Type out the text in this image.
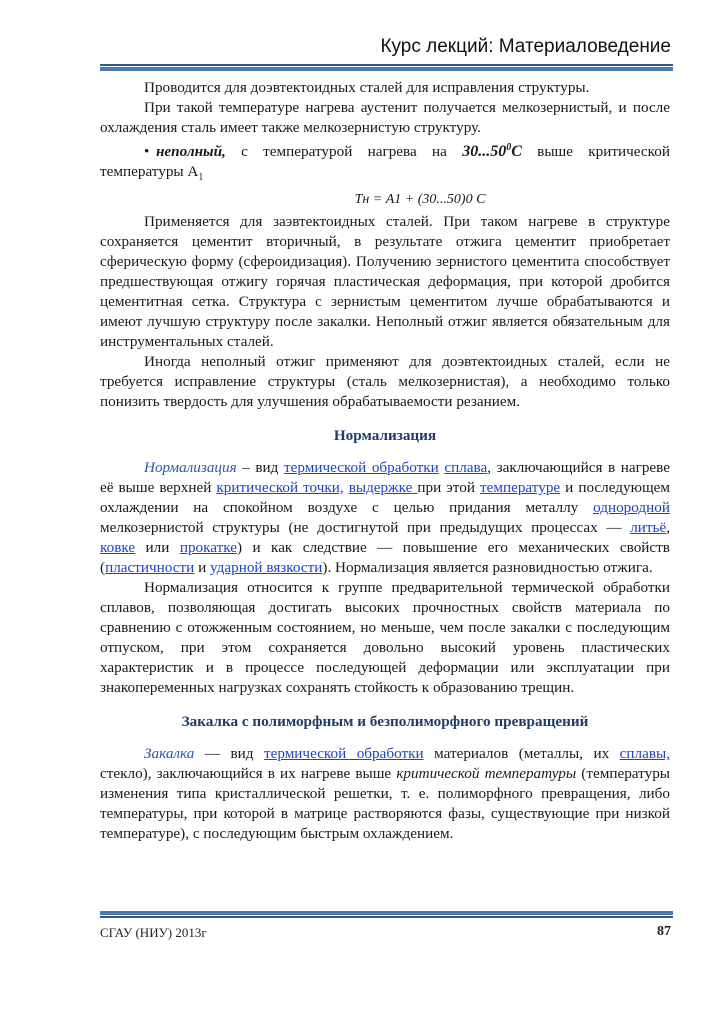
Курс лекций: Материаловедение

Проводится для доэвтектоидных сталей для исправления структуры.

При такой температуре нагрева аустенит получается мелкозернистый, и после охлаждения сталь имеет также мелкозернистую структуру.

• неполный, с температурой нагрева на 30...50$^0$С выше критической температуры $А_1$

Tн = A1 + (30...50)0 C

Применяется для заэвтектоидных сталей. При таком нагреве в структуре сохраняется цементит вторичный, в результате отжига цементит приобретает сферическую форму (сфероидизация). Получению зернистого цементита способствует предшествующая отжигу горячая пластическая деформация, при которой дробится цементитная сетка. Структура с зернистым цементитом лучше обрабатываются и имеют лучшую структуру после закалки. Неполный отжиг является обязательным для инструментальных сталей.

Иногда неполный отжиг применяют для доэвтектоидных сталей, если не требуется исправление структуры (сталь мелкозернистая), а необходимо только понизить твердость для улучшения обрабатываемости резанием.

Нормализация

Нормализация – вид термической обработки сплава, заключающийся в нагреве её выше верхней критической точки, выдержке при этой температуре и последующем охлаждении на спокойном воздухе с целью придания металлу однородной мелкозернистой структуры (не достигнутой при предыдущих процессах — литьё, ковке или прокатке) и как следствие — повышение его механических свойств (пластичности и ударной вязкости). Нормализация является разновидностью отжига.

Нормализация относится к группе предварительной термической обработки сплавов, позволяющая достигать высоких прочностных свойств материала по сравнению с отожженным состоянием, но меньше, чем после закалки с последующим отпуском, при этом сохраняется довольно высокий уровень пластических характеристик и в процессе последующей деформации или эксплуатации при знакопеременных нагрузках сохранять стойкость к образованию трещин.

Закалка с полиморфным и безполиморфного превращений

Закалка — вид термической обработки материалов (металлы, их сплавы, стекло), заключающийся в их нагреве выше критической температуры (температуры изменения типа кристаллической решетки, т. е. полиморфного превращения, либо температуры, при которой в матрице растворяются фазы, существующие при низкой температуре), с последующим быстрым охлаждением.

СГАУ (НИУ) 2013г	87
